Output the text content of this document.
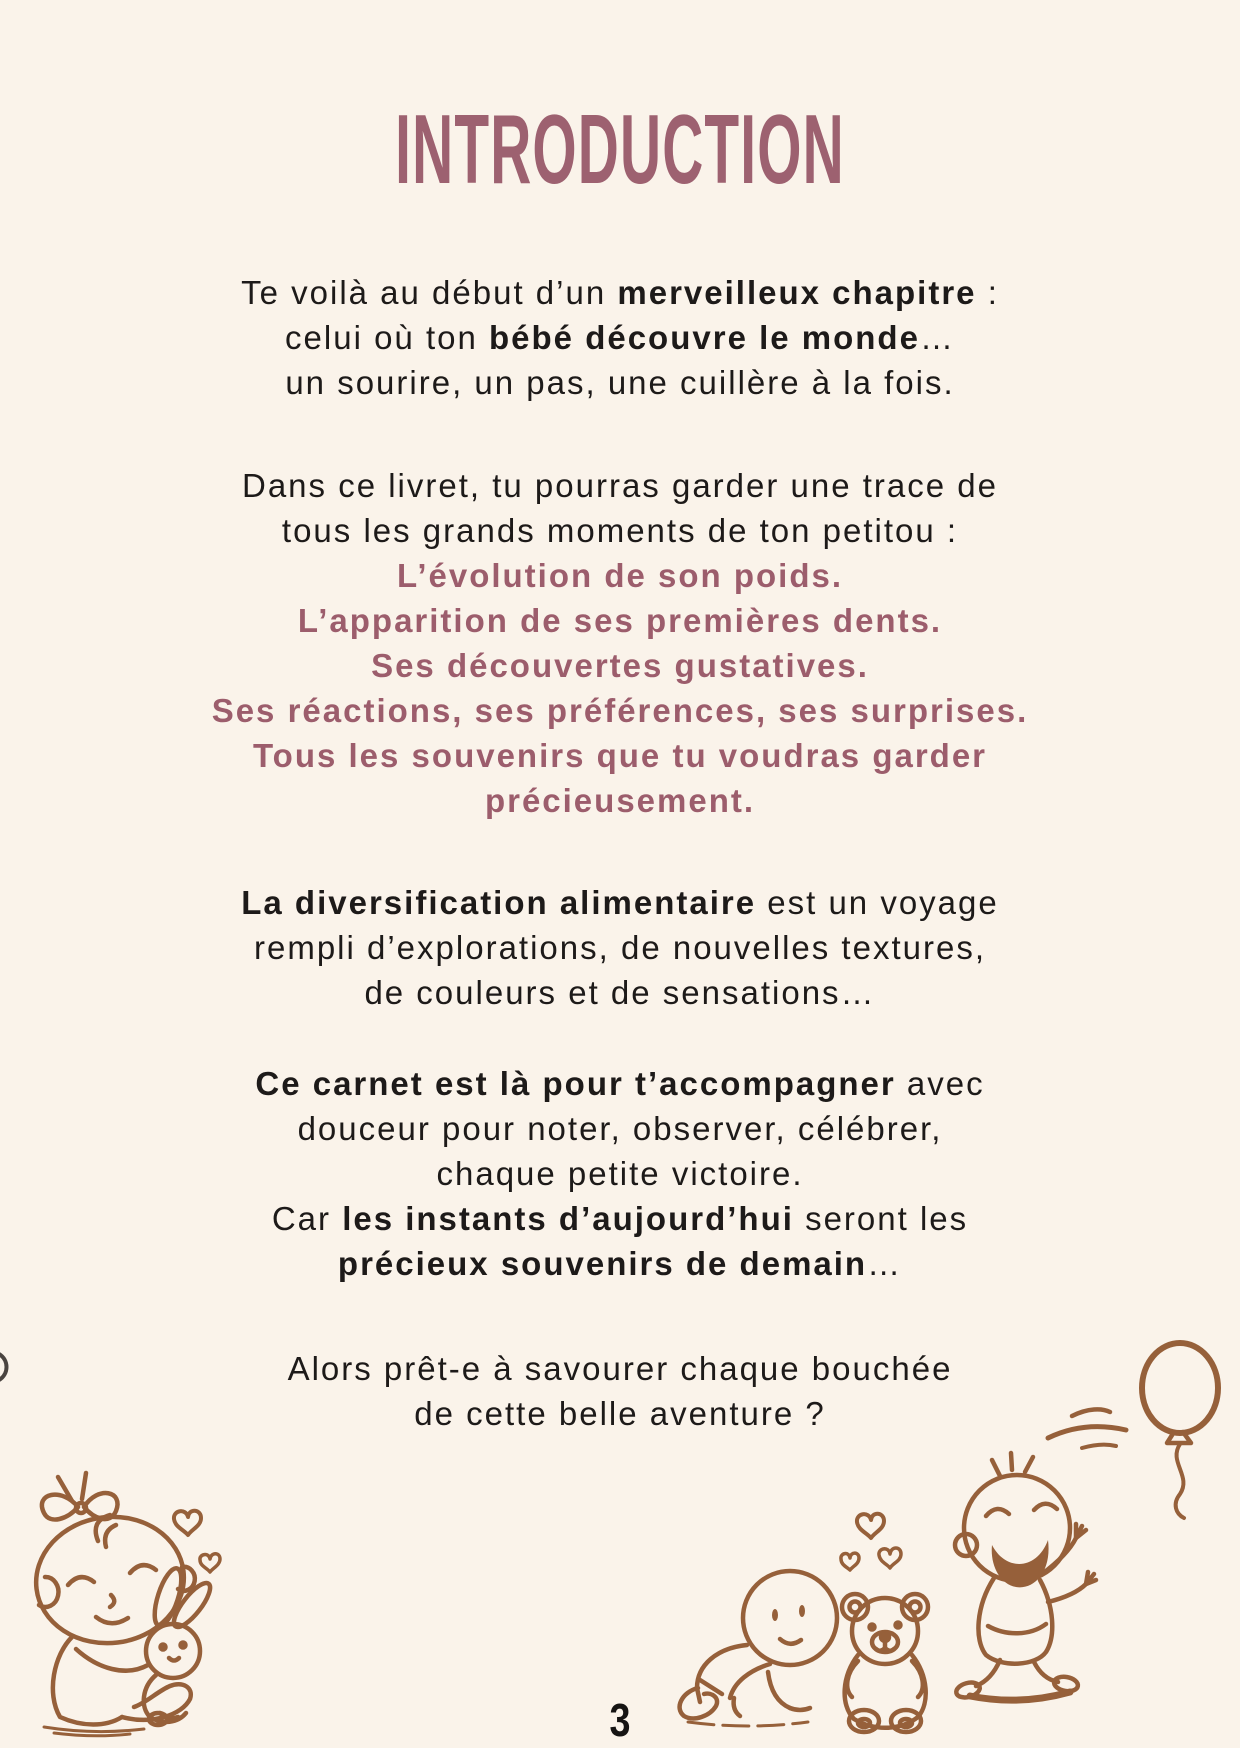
INTRODUCTION
Te voilà au début d’un merveilleux chapitre :
celui où ton bébé découvre le monde…
un sourire, un pas, une cuillère à la fois.
Dans ce livret, tu pourras garder une trace de
tous les grands moments de ton petitou :
L’évolution de son poids.
L’apparition de ses premières dents.
Ses découvertes gustatives.
Ses réactions, ses préférences, ses surprises.
Tous les souvenirs que tu voudras garder
précieusement.
La diversification alimentaire est un voyage
rempli d’explorations, de nouvelles textures,
de couleurs et de sensations…
Ce carnet est là pour t’accompagner avec
douceur pour noter, observer, célébrer,
chaque petite victoire.
Car les instants d’aujourd’hui seront les
précieux souvenirs de demain…
Alors prêt-e à savourer chaque bouchée
de cette belle aventure ?
3
